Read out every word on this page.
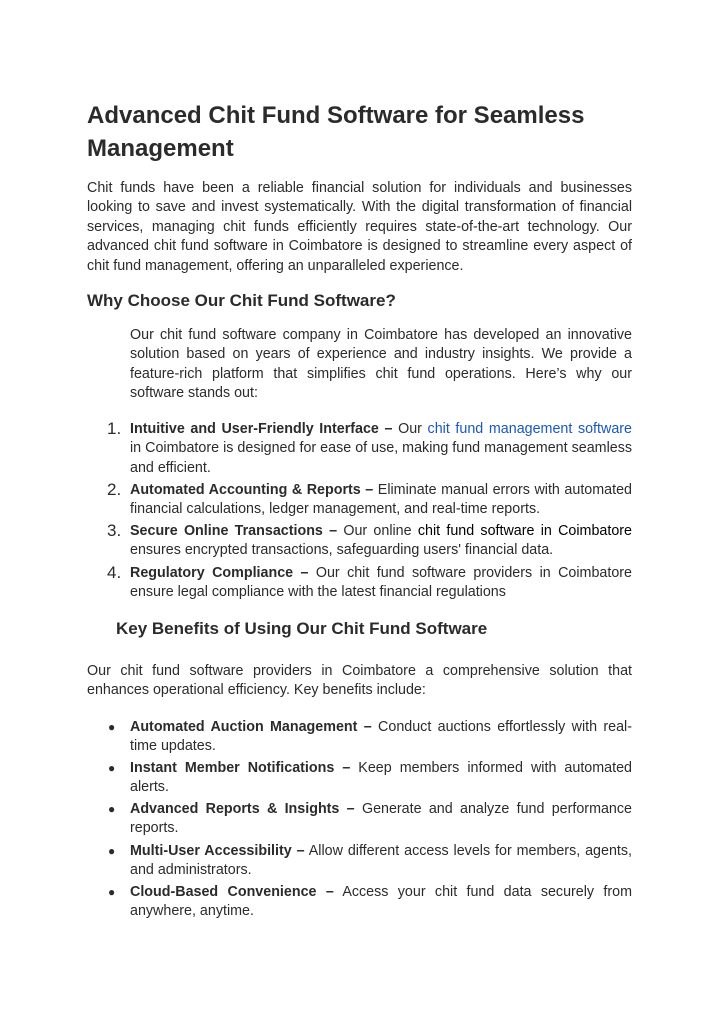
Advanced Chit Fund Software for Seamless Management

Chit funds have been a reliable financial solution for individuals and businesses looking to save and invest systematically. With the digital transformation of financial services, managing chit funds efficiently requires state-of-the-art technology. Our advanced chit fund software in Coimbatore is designed to streamline every aspect of chit fund management, offering an unparalleled experience.

Why Choose Our Chit Fund Software?

Our chit fund software company in Coimbatore has developed an innovative solution based on years of experience and industry insights. We provide a feature-rich platform that simplifies chit fund operations. Here’s why our software stands out:

1. Intuitive and User-Friendly Interface – Our chit fund management software in Coimbatore is designed for ease of use, making fund management seamless and efficient.
2. Automated Accounting & Reports – Eliminate manual errors with automated financial calculations, ledger management, and real-time reports.
3. Secure Online Transactions – Our online chit fund software in Coimbatore ensures encrypted transactions, safeguarding users' financial data.
4. Regulatory Compliance – Our chit fund software providers in Coimbatore ensure legal compliance with the latest financial regulations
Key Benefits of Using Our Chit Fund Software

Our chit fund software providers in Coimbatore a comprehensive solution that enhances operational efficiency. Key benefits include:

● Automated Auction Management – Conduct auctions effortlessly with real-time updates.
● Instant Member Notifications – Keep members informed with automated alerts.
● Advanced Reports & Insights – Generate and analyze fund performance reports.
● Multi-User Accessibility – Allow different access levels for members, agents, and administrators.
● Cloud-Based Convenience – Access your chit fund data securely from anywhere, anytime.
